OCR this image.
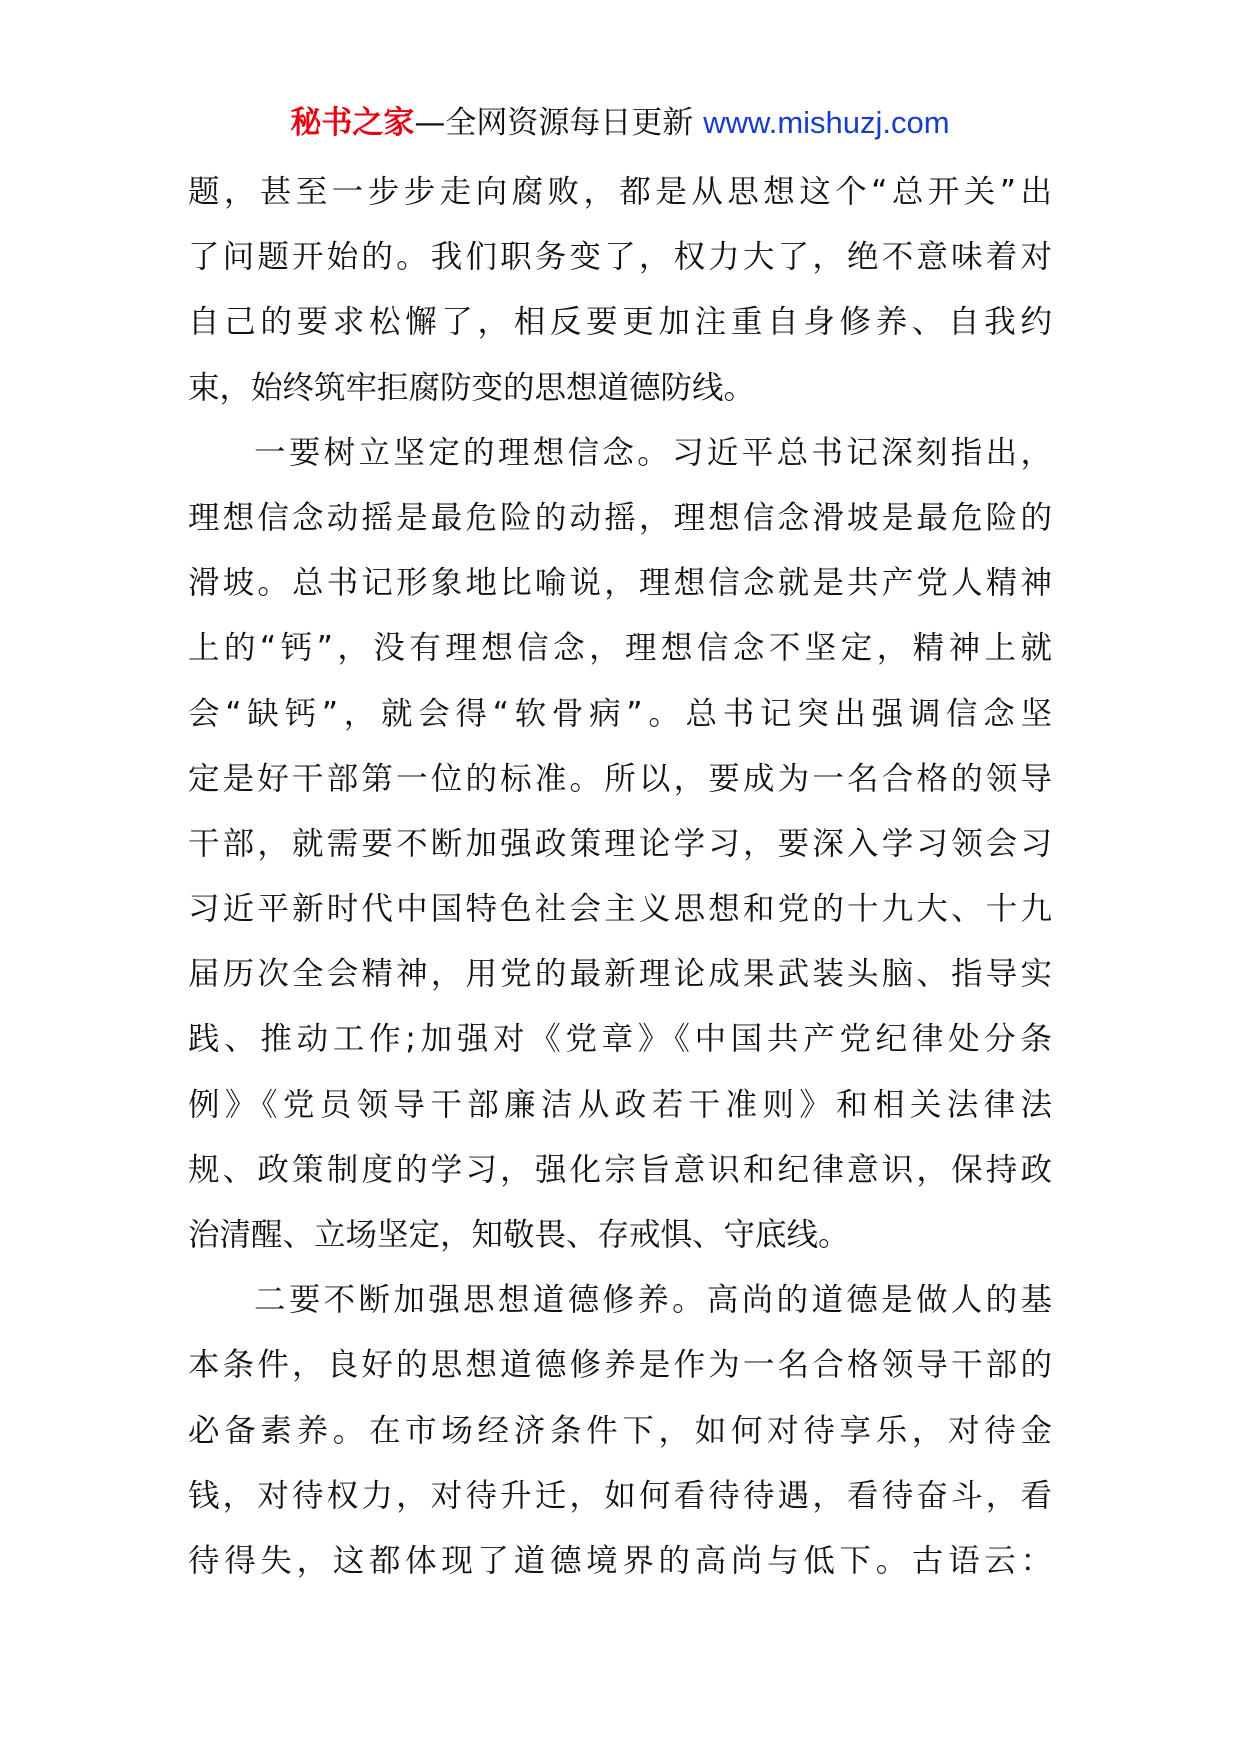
秘书之家—全网资源每日更新 www.mishuzj.com
题，甚至一步步走向腐败，都是从思想这个“总开关”出
了问题开始的。我们职务变了，权力大了，绝不意味着对
自己的要求松懈了，相反要更加注重自身修养、自我约
束，始终筑牢拒腐防变的思想道德防线。
一要树立坚定的理想信念。习近平总书记深刻指出，
理想信念动摇是最危险的动摇，理想信念滑坡是最危险的
滑坡。总书记形象地比喻说，理想信念就是共产党人精神
上的“钙”，没有理想信念，理想信念不坚定，精神上就
会“缺钙”，就会得“软骨病”。总书记突出强调信念坚
定是好干部第一位的标准。所以，要成为一名合格的领导
干部，就需要不断加强政策理论学习，要深入学习领会习
习近平新时代中国特色社会主义思想和党的十九大、十九
届历次全会精神，用党的最新理论成果武装头脑、指导实
践、推动工作;加强对《党章》《中国共产党纪律处分条
例》《党员领导干部廉洁从政若干准则》和相关法律法
规、政策制度的学习，强化宗旨意识和纪律意识，保持政
治清醒、立场坚定，知敬畏、存戒惧、守底线。
二要不断加强思想道德修养。高尚的道德是做人的基
本条件，良好的思想道德修养是作为一名合格领导干部的
必备素养。在市场经济条件下，如何对待享乐，对待金
钱，对待权力，对待升迁，如何看待待遇，看待奋斗，看
待得失，这都体现了道德境界的高尚与低下。古语云：
